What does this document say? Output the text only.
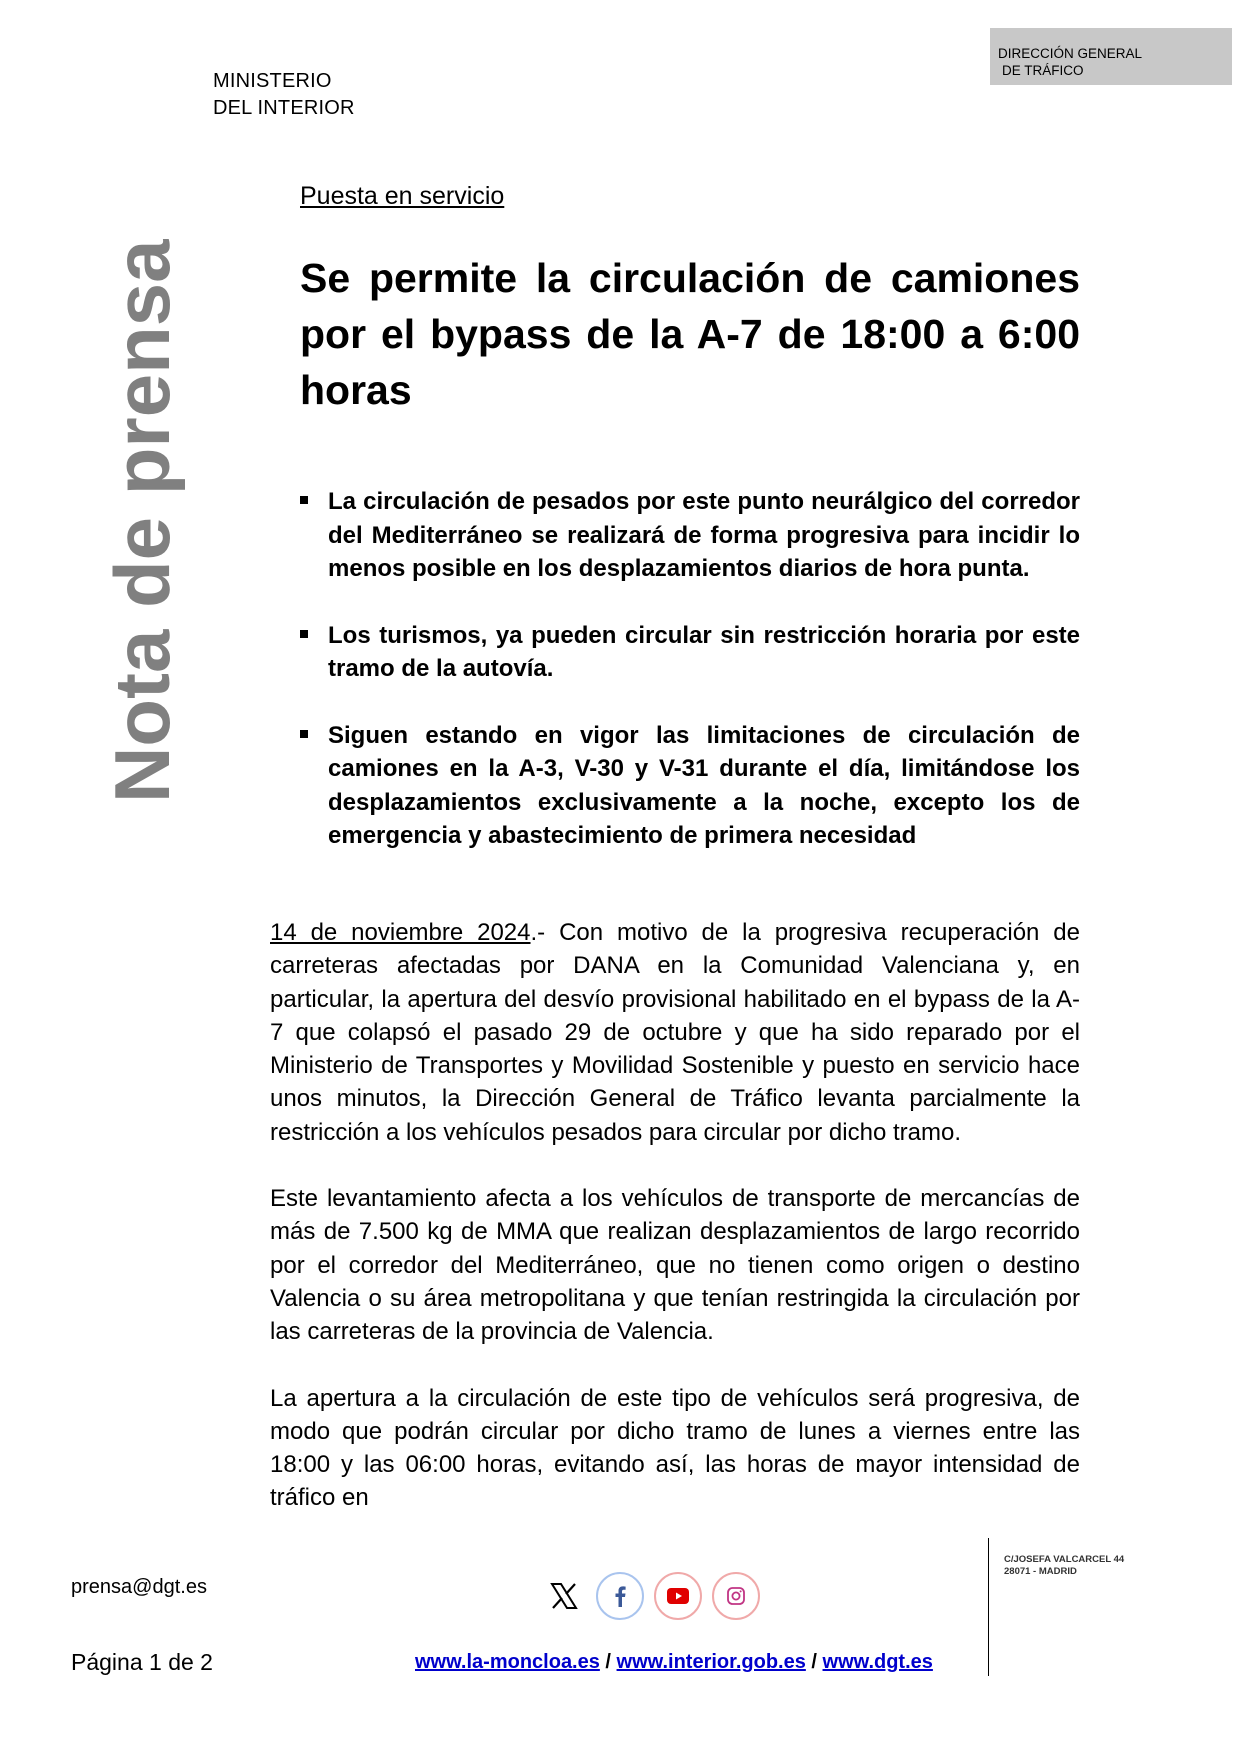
MINISTERIO
DEL INTERIOR
DIRECCIÓN GENERAL
DE TRÁFICO
Nota de prensa
Puesta en servicio
Se permite la circulación de camiones por el bypass de la A-7 de 18:00 a 6:00 horas
La circulación de pesados por este punto neurálgico del corredor del Mediterráneo se realizará de forma progresiva para incidir lo menos posible en los desplazamientos diarios de hora punta.
Los turismos, ya pueden circular sin restricción horaria por este tramo de la autovía.
Siguen estando en vigor las limitaciones de circulación de camiones en la A-3, V-30 y V-31 durante el día, limitándose los desplazamientos exclusivamente a la noche, excepto los de emergencia y abastecimiento de primera necesidad

14 de noviembre 2024.- Con motivo de la progresiva recuperación de carreteras afectadas por DANA en la Comunidad Valenciana y, en particular, la apertura del desvío provisional habilitado en el bypass de la A-7 que colapsó el pasado 29 de octubre y que ha sido reparado por el Ministerio de Transportes y Movilidad Sostenible y puesto en servicio hace unos minutos, la Dirección General de Tráfico levanta parcialmente la restricción a los vehículos pesados para circular por dicho tramo.

Este levantamiento afecta a los vehículos de transporte de mercancías de más de 7.500 kg de MMA que realizan desplazamientos de largo recorrido por el corredor del Mediterráneo, que no tienen como origen o destino Valencia o su área metropolitana y que tenían restringida la circulación por las carreteras de la provincia de Valencia.

La apertura a la circulación de este tipo de vehículos será progresiva, de modo que podrán circular por dicho tramo de lunes a viernes entre las 18:00 y las 06:00 horas, evitando así, las horas de mayor intensidad de tráfico en

prensa@dgt.es
Página 1 de 2	www.la-moncloa.es / www.interior.gob.es / www.dgt.es
C/JOSEFA VALCARCEL 44
28071 - MADRID
